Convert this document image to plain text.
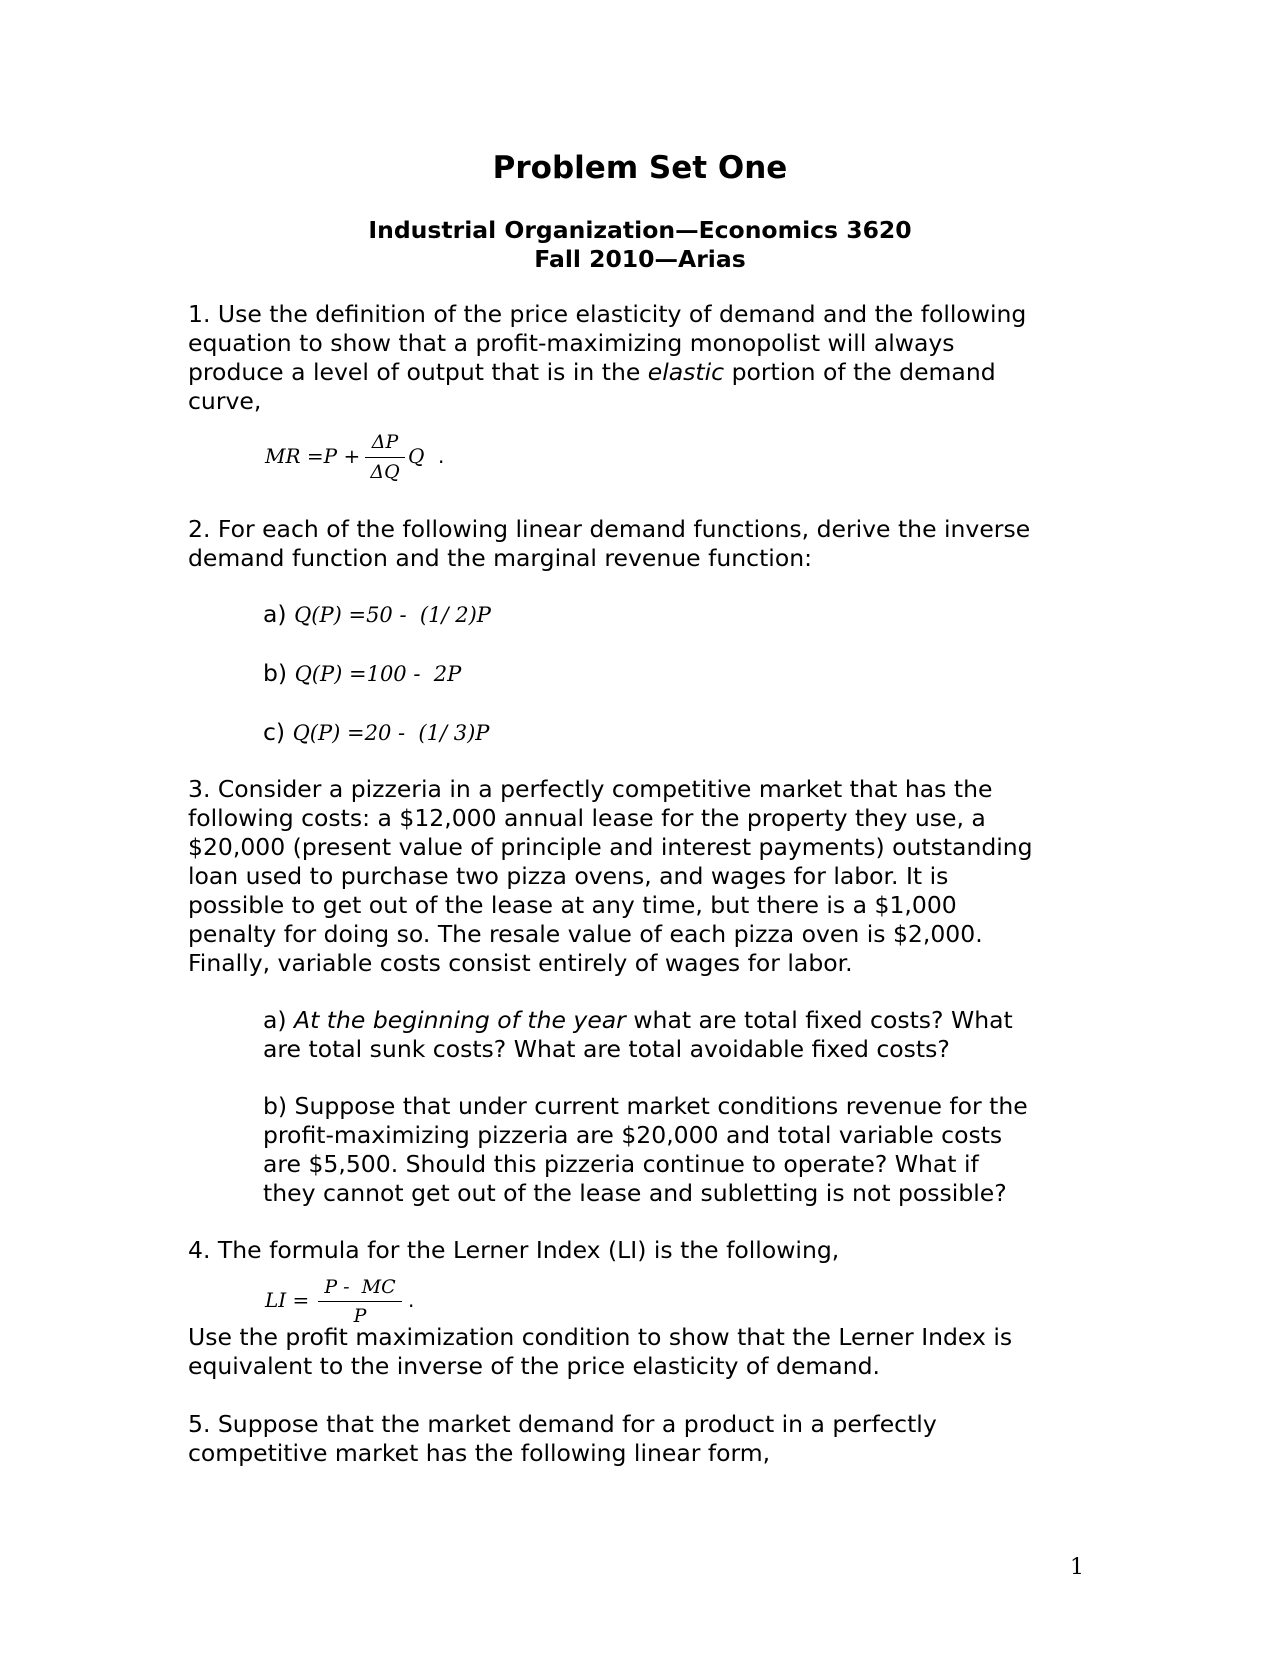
Problem Set One
Industrial Organization—Economics 3620
Fall 2010—Arias
1. Use the definition of the price elasticity of demand and the following
equation to show that a profit-maximizing monopolist will always
produce a level of output that is in the elastic portion of the demand
curve,
MR =P +
ΔP
ΔQ
Q .
2. For each of the following linear demand functions, derive the inverse
demand function and the marginal revenue function:
a) Q(P) =50 -  (1/ 2)P
b) Q(P) =100 -  2P
c) Q(P) =20 -  (1/ 3)P
3. Consider a pizzeria in a perfectly competitive market that has the
following costs: a $12,000 annual lease for the property they use, a
$20,000 (present value of principle and interest payments) outstanding
loan used to purchase two pizza ovens, and wages for labor. It is
possible to get out of the lease at any time, but there is a $1,000
penalty for doing so. The resale value of each pizza oven is $2,000.
Finally, variable costs consist entirely of wages for labor.
a) At the beginning of the year what are total fixed costs? What
are total sunk costs? What are total avoidable fixed costs?
b) Suppose that under current market conditions revenue for the
profit-maximizing pizzeria are $20,000 and total variable costs
are $5,500. Should this pizzeria continue to operate? What if
they cannot get out of the lease and subletting is not possible?
4. The formula for the Lerner Index (LI) is the following,
LI =
P -  MC
P
.
Use the profit maximization condition to show that the Lerner Index is
equivalent to the inverse of the price elasticity of demand.
5. Suppose that the market demand for a product in a perfectly
competitive market has the following linear form,
1
